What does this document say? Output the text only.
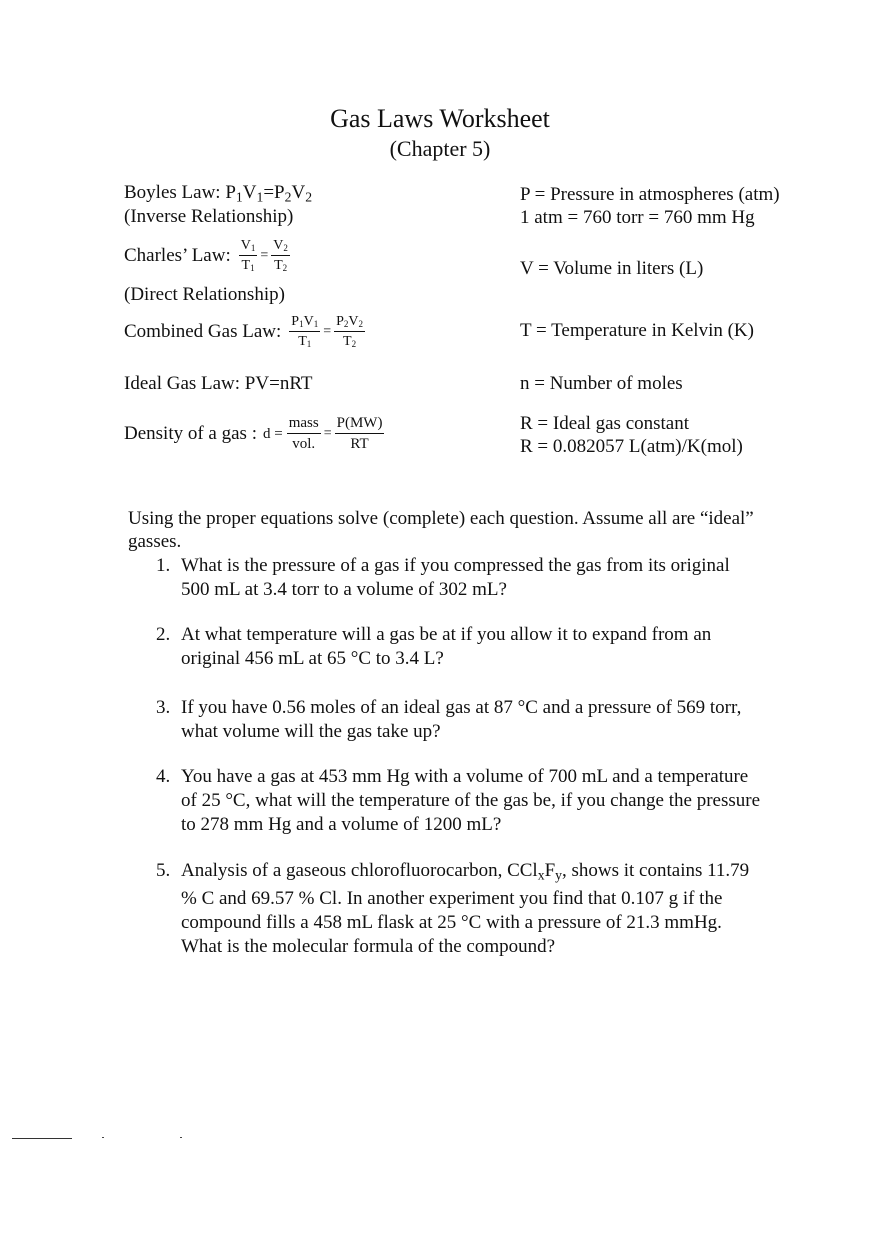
Gas Laws Worksheet
(Chapter 5)
Boyles Law: $P_1V_1=P_2V_2$
(Inverse Relationship)
Charles’ Law: $\frac{V_1}{T_1} = \frac{V_2}{T_2}$
(Direct Relationship)
Combined Gas Law: $\frac{P_1V_1}{T_1} = \frac{P_2V_2}{T_2}$
Ideal Gas Law: PV=nRT
Density of a gas : $d = \frac{\text{mass}}{\text{vol.}} = \frac{P(MW)}{RT}$
P = Pressure in atmospheres (atm)
1 atm = 760 torr = 760 mm Hg
V = Volume in liters (L)
T = Temperature in Kelvin (K)
n = Number of moles
R = Ideal gas constant
R = 0.082057 L(atm)/K(mol)
Using the proper equations solve (complete) each question. Assume all are “ideal” gasses.
1. What is the pressure of a gas if you compressed the gas from its original 500 mL at 3.4 torr to a volume of 302 mL?
2. At what temperature will a gas be at if you allow it to expand from an original 456 mL at 65 °C to 3.4 L?
3. If you have 0.56 moles of an ideal gas at 87 °C and a pressure of 569 torr, what volume will the gas take up?
4. You have a gas at 453 mm Hg with a volume of 700 mL and a temperature of 25 °C, what will the temperature of the gas be, if you change the pressure to 278 mm Hg and a volume of 1200 mL?
5. Analysis of a gaseous chlorofluorocarbon, $CCl_xF_y$, shows it contains 11.79 % C and 69.57 % Cl. In another experiment you find that 0.107 g if the compound fills a 458 mL flask at 25 °C with a pressure of 21.3 mmHg. What is the molecular formula of the compound?
